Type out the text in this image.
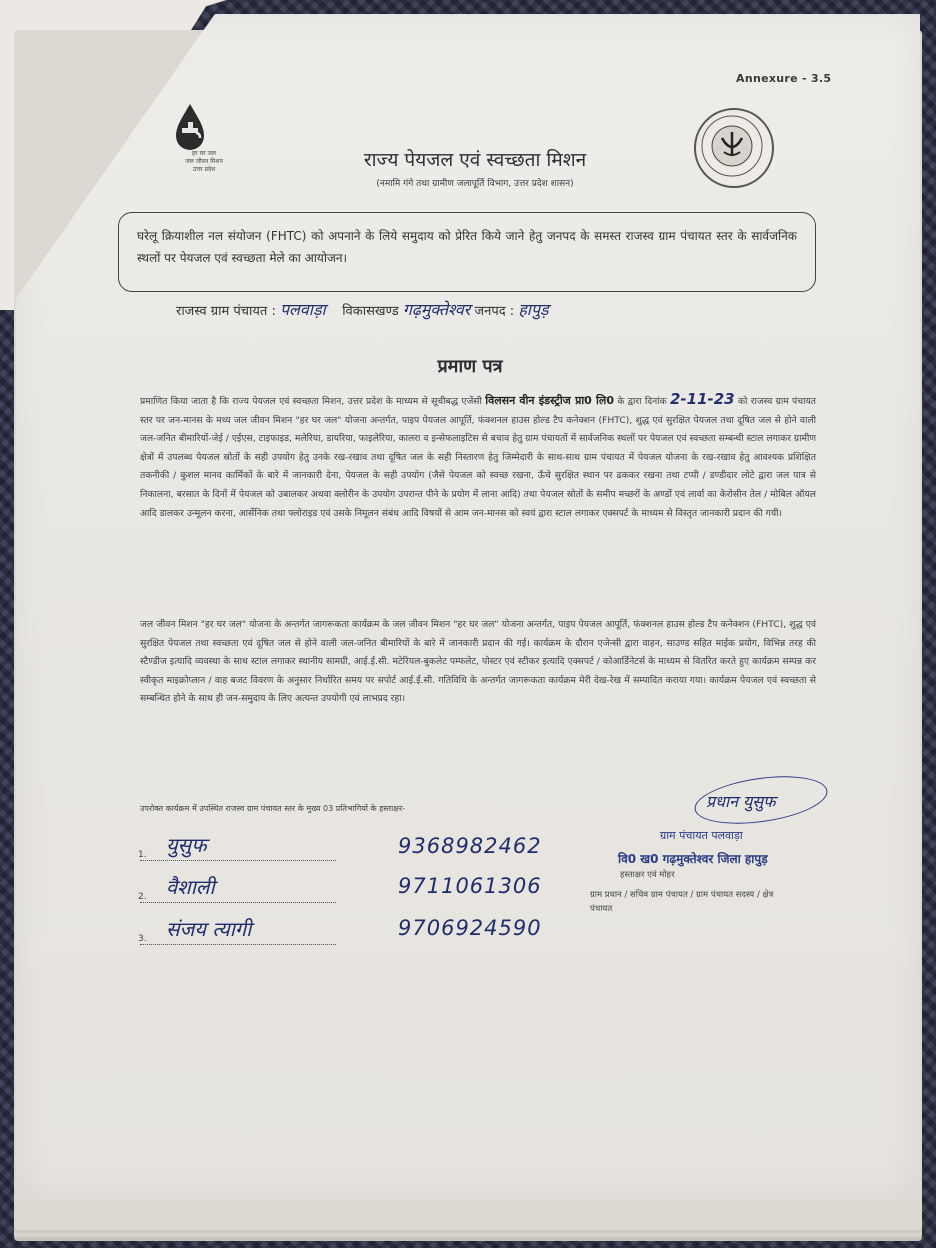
Annexure - 3.5
हर घर जल
जल जीवन मिशन
उत्तर प्रदेश	राज्य पेयजल एवं स्वच्छता मिशन
(नमामि गंगे तथा ग्रामीण जलापूर्ति विभाग, उत्तर प्रदेश शासन)
घरेलू क्रियाशील नल संयोजन (FHTC) को अपनाने के लिये समुदाय को प्रेरित किये जाने हेतु जनपद के समस्त राजस्व ग्राम पंचायत स्तर के सार्वजनिक स्थलों पर पेयजल एवं स्वच्छता मेले का आयोजन।
राजस्व ग्राम पंचायत : पलवाड़ा विकासखण्ड गढ़मुक्तेश्वर जनपद : हापुड़
प्रमाण पत्र
प्रमाणित किया जाता है कि राज्य पेयजल एवं स्वच्छता मिशन, उत्तर प्रदेश के माध्यम से सूचीबद्ध एजेंसी विलसन वीन इंडस्ट्रीज प्रा0 लि0 के द्वारा दिनांक 2-11-23 को राजस्व ग्राम पंचायत स्तर पर जन-मानस के मध्य जल जीवन मिशन "हर घर जल" योजना अन्तर्गत, पाइप पेयजल आपूर्ति, फंक्शनल हाउस होल्ड टैप कनेक्शन (FHTC), शुद्ध एवं सुरक्षित पेयजल तथा दूषित जल से होने वाली जल-जनित बीमारियों-जेई / एईएस, टाइफाइड, मलेरिया, डायरिया, फाइलेरिया, कालरा व इन्सेफलाइटिस से बचाव हेतु ग्राम पंचायतों में सार्वजनिक स्थलों पर पेयजल एवं स्वच्छता सम्बन्धी स्टाल लगाकर ग्रामीण क्षेत्रों में उपलब्ध पेयजल स्रोतों के सही उपयोग हेतु उनके रख-रखाव तथा दूषित जल के सही निस्तारण हेतु जिम्मेदारी के साथ-साथ ग्राम पंचायत में पेयजल योजना के रख-रखाव हेतु आवश्यक प्रशिक्षित तकनीकी / कुशल मानव कार्मिकों के बारे में जानकारी देना, पेयजल के सही उपयोग (जैसे पेयजल को स्वच्छ रखना, ऊँचे सुरक्षित स्थान पर ढककर रखना तथा टप्पी / डण्डीदार लोटे द्वारा जल पात्र से निकालना, बरसात के दिनों में पेयजल को उबालकर अथवा क्लोरीन के उपयोग उपरान्त पीने के प्रयोग में लाना आदि) तथा पेयजल स्रोतों के समीप मच्छरों के अण्डों एवं लार्वा का केरोसीन तेल / मोबिल ऑयल आदि डालकर उन्मूलन करना, आर्सेनिक तथा फ्लोराइड एवं उसके निमूलन संबंध आदि विषयों से आम जन-मानस को स्वयं द्वारा स्टाल लगाकर एक्सपर्ट के माध्यम से विस्तृत जानकारी प्रदान की गयी।
जल जीवन मिशन "हर घर जल" योजना के अन्तर्गत जागरूकता कार्यक्रम के जल जीवन मिशन "हर घर जल" योजना अन्तर्गत, पाइप पेयजल आपूर्ति, फंक्शनल हाउस होल्ड टैप कनेक्शन (FHTC), शुद्ध एवं सुरक्षित पेयजल तथा स्वच्छता एवं दूषित जल से होने वाली जल-जनित बीमारियों के बारे में जानकारी प्रदान की गई। कार्यक्रम के दौरान एजेन्सी द्वारा वाहन, साउण्ड सहित माईक प्रयोग, विभिन्न तरह की स्टैण्डीज इत्यादि व्यवस्था के साथ स्टाल लगाकर स्थानीय सामग्री, आई.ई.सी. मटेरियल-बुकलेट पम्फलेट, पोस्टर एवं स्टीकर इत्यादि एक्सपर्ट / कोआर्डिनेटर्स के माध्यम से वितरित करते हुए कार्यक्रम सम्पन्न कर स्वीकृत माइक्रोप्लान / वाह बजट विवरण के अनुसार निर्धारित समय पर सपोर्ट आई.ई.सी. गतिविधि के अन्तर्गत जागरूकता कार्यक्रम मेरी देख-रेख में सम्पादित कराया गया। कार्यक्रम पेयजल एवं स्वच्छता से सम्बन्धित होने के साथ ही जन-समुदाय के लिए अत्यन्त उपयोगी एवं लाभप्रद रहा।
उपरोक्त कार्यक्रम में उपस्थित राजस्व ग्राम पंचायत स्तर के मुख्य 03 प्रतिभागियों के हस्ताक्षर-
1. युसुफ	9368982462
2. वैशाली	9711061306
3. संजय त्यागी	9706924590
प्रधान युसुफ
ग्राम पंचायत पलवाड़ा
वि0 ख0 गढ़मुक्तेश्वर जिला हापुड़
हस्ताक्षर एवं मोहर
ग्राम प्रधान / सचिव ग्राम पंचायत / ग्राम पंचायत सदस्य / क्षेत्र पंचायत
